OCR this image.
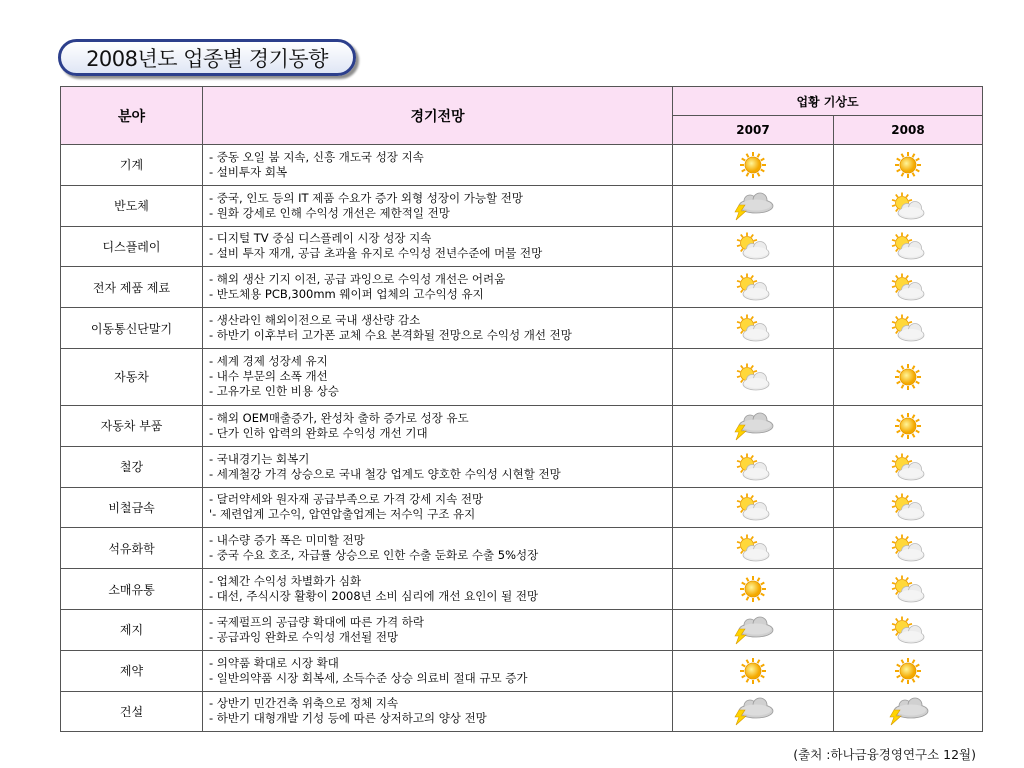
2008년도 업종별 경기동향
분야	경기전망	업황 기상도	
		2007	2008
기계	- 중동 오일 붐 지속, 신흥 개도국 성장 지속
- 설비투자 회복

반도체	- 중국, 인도 등의 IT 제품 수요가 증가 외형 성장이 가능할 전망
- 원화 강세로 인해 수익성 개선은 제한적일 전망

디스플레이	- 디지털 TV 중심 디스플레이 시장 성장 지속
- 설비 투자 재개, 공급 초과율 유지로 수익성 전년수준에 머물 전망

전자 제품 제료	- 해외 생산 기지 이전, 공급 과잉으로 수익성 개선은 어려움
- 반도체용 PCB,300mm 웨이퍼 업체의 고수익성 유지

이동통신단말기	- 생산라인 해외이전으로 국내 생산량 감소
- 하반기 이후부터 고가폰 교체 수요 본격화될 전망으로 수익성 개선 전망

자동차	- 세계 경제 성장세 유지
- 내수 부문의 소폭 개선
- 고유가로 인한 비용 상승

자동차 부품	- 해외 OEM매출증가, 완성차 출하 증가로 성장 유도
- 단가 인하 압력의 완화로 수익성 개선 기대

철강	- 국내경기는 회복기
- 세계철강 가격 상승으로 국내 철강 업계도 양호한 수익성 시현할 전망

비철금속	- 달러약세와 원자재 공급부족으로 가격 강세 지속 전망
'- 제련업계 고수익, 압연압출업계는 저수익 구조 유지

석유화학	- 내수량 증가 폭은 미미할 전망
- 중국 수요 호조, 자급률 상승으로 인한 수출 둔화로 수출 5%성장

소매유통	- 업체간 수익성 차별화가 심화
- 대선, 주식시장 활황이 2008년 소비 심리에 개선 요인이 될 전망

제지	- 국제펄프의 공급량 확대에 따른 가격 하락
- 공급과잉 완화로 수익성 개선될 전망

제약	- 의약품 확대로 시장 확대
- 일반의약품 시장 회복세, 소득수준 상승 의료비 절대 규모 증가

건설	- 상반기 민간건축 위축으로 정체 지속
- 하반기 대형개발 기성 등에 따른 상저하고의 양상 전망

(출처 :하나금융경영연구소 12월)
